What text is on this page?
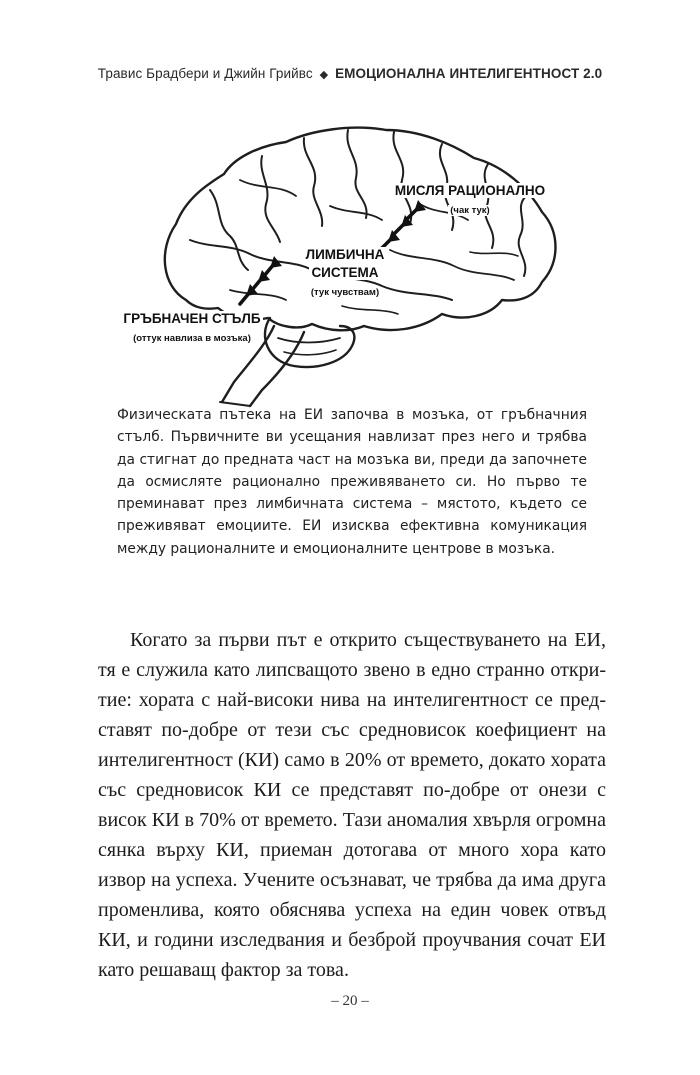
Травис Брадбери и Джийн Грийвс ◆ ЕМОЦИОНАЛНА ИНТЕЛИГЕНТНОСТ 2.0
ГРЪБНАЧЕН СТЪЛБ
(оттук навлиза в мозъка)
ЛИМБИЧНА
СИСТЕМА
(тук чувствам)
МИСЛЯ РАЦИОНАЛНО
(чак тук)
Физическата пътека на ЕИ започва в мозъка, от гръбначния стълб. Първичните ви усещания навлизат през него и трябва да стигнат до предната част на мозъка ви, преди да започнете да осмисляте рационално преживяването си. Но първо те преминават през лимбичната система – мястото, където се преживяват емоциите. ЕИ изисква ефективна комуникация между рационалните и емоционалните центрове в мозъка.
Когато за първи път е открито съществуването на ЕИ, тя е служила като липсващото звено в едно странно откритие: хората с най-високи нива на интелигентност се представят по-добре от тези със средновисок коефициент на интелигентност (КИ) само в 20% от времето, докато хората със средновисок КИ се представят по-добре от онези с висок КИ в 70% от времето. Тази аномалия хвърля огромна сянка върху КИ, приеман дотогава от много хора като извор на успеха. Учените осъзнават, че трябва да има друга променлива, която обяснява успеха на един човек отвъд КИ, и години изследвания и безброй проучвания сочат ЕИ като решаващ фактор за това.
– 20 –
